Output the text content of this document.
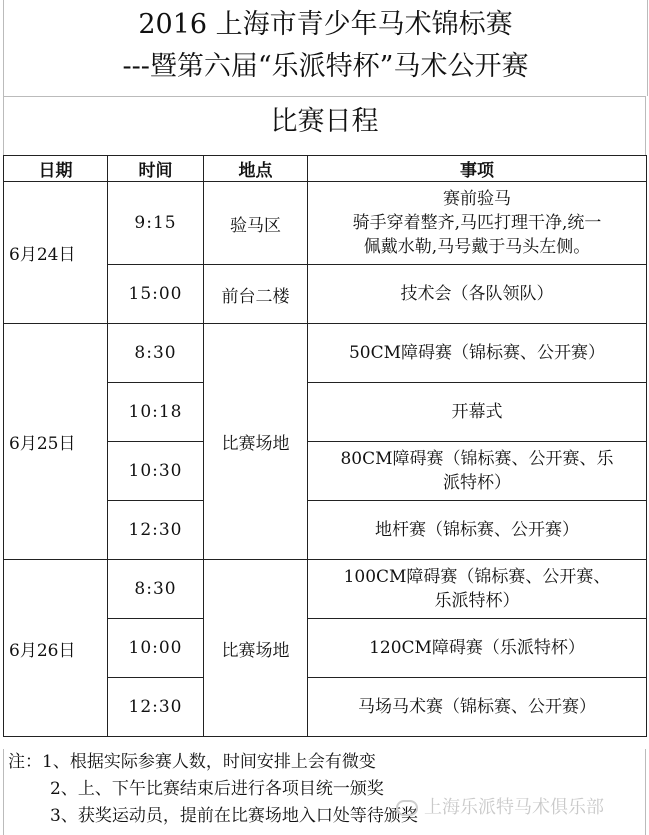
2016 上海市青少年马术锦标赛
---暨第六届“乐派特杯”马术公开赛
比赛日程
日期	时间	地点	事项
6月24日	9:15	验马区	赛前验马
骑手穿着整齐,马匹打理干净,统一
佩戴水勒,马号戴于马头左侧。

	15:00	前台二楼	技术会（各队领队）

6月25日	8:30	比赛场地	50CM障碍赛（锦标赛、公开赛）

	10:18		开幕式

	10:30		80CM障碍赛（锦标赛、公开赛、乐
派特杯）

	12:30		地杆赛（锦标赛、公开赛）

6月26日	8:30	比赛场地	100CM障碍赛（锦标赛、公开赛、
乐派特杯）

	10:00		120CM障碍赛（乐派特杯）

	12:30		马场马术赛（锦标赛、公开赛）
注：1、根据实际参赛人数，时间安排上会有微变
2、上、下午比赛结束后进行各项目统一颁奖
3、获奖运动员，提前在比赛场地入口处等待颁奖 上海乐派特马术俱乐部
